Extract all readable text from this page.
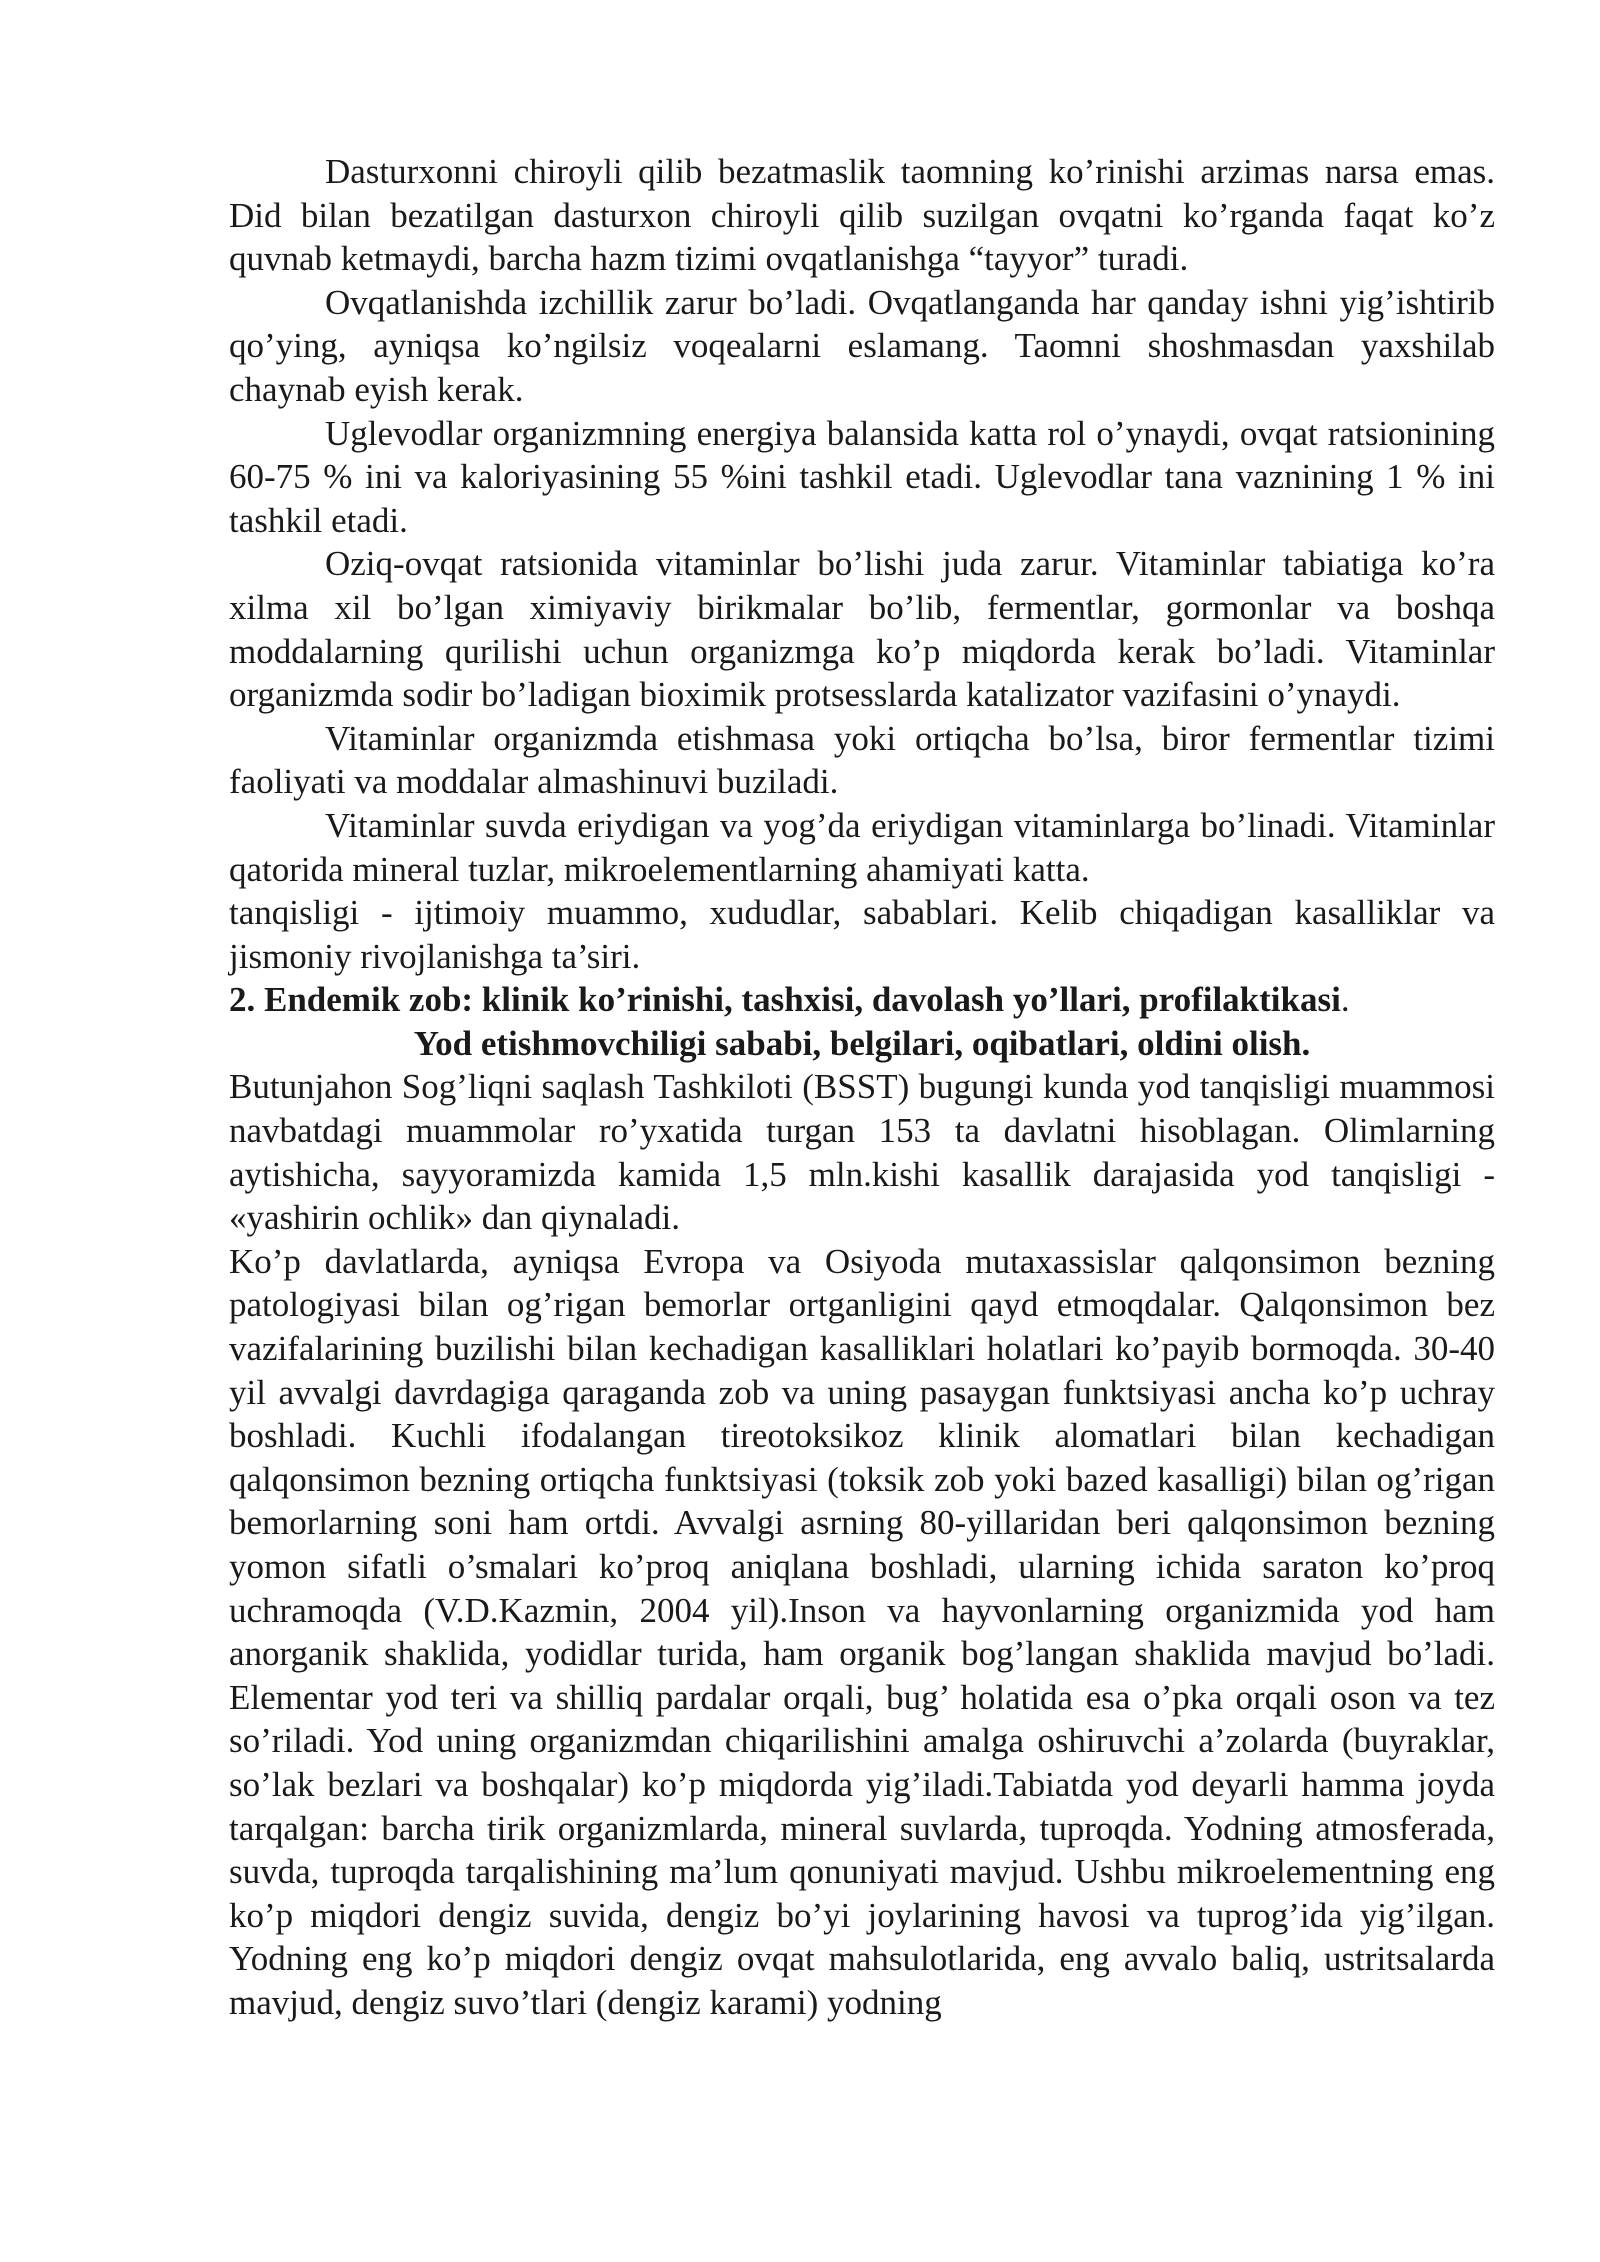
Dasturxonni chiroyli qilib bezatmaslik taomning ko’rinishi arzimas narsa emas. Did bilan bezatilgan dasturxon chiroyli qilib suzilgan ovqatni ko’rganda faqat ko’z quvnab ketmaydi, barcha hazm tizimi ovqatlanishga “tayyor” turadi.

Ovqatlanishda izchillik zarur bo’ladi. Ovqatlanganda har qanday ishni yig’ishtirib qo’ying, ayniqsa ko’ngilsiz voqealarni eslamang. Taomni shoshmasdan yaxshilab chaynab eyish kerak.

Uglevodlar organizmning energiya balansida katta rol o’ynaydi, ovqat ratsionining 60-75 % ini va kaloriyasining 55 %ini tashkil etadi. Uglevodlar tana vaznining 1 % ini tashkil etadi.

Oziq-ovqat ratsionida vitaminlar bo’lishi juda zarur. Vitaminlar tabiatiga ko’ra xilma xil bo’lgan ximiyaviy birikmalar bo’lib, fermentlar, gormonlar va boshqa moddalarning qurilishi uchun organizmga ko’p miqdorda kerak bo’ladi. Vitaminlar organizmda sodir bo’ladigan bioximik protsesslarda katalizator vazifasini o’ynaydi.

Vitaminlar organizmda etishmasa yoki ortiqcha bo’lsa, biror fermentlar tizimi faoliyati va moddalar almashinuvi buziladi.

Vitaminlar suvda eriydigan va yog’da eriydigan vitaminlarga bo’linadi. Vitaminlar qatorida mineral tuzlar, mikroelementlarning ahamiyati katta.

tanqisligi - ijtimoiy muammo, xududlar, sabablari. Kelib chiqadigan kasalliklar va jismoniy rivojlanishga ta’siri.

2. Endemik zob: klinik ko’rinishi, tashxisi, davolash yo’llari, profilaktikasi.

Yod etishmovchiligi sababi, belgilari, oqibatlari, oldini olish.

Butunjahon Sog’liqni saqlash Tashkiloti (BSST) bugungi kunda yod tanqisligi muammosi navbatdagi muammolar ro’yxatida turgan 153 ta davlatni hisoblagan. Olimlarning aytishicha, sayyoramizda kamida 1,5 mln.kishi kasallik darajasida yod tanqisligi - «yashirin ochlik» dan qiynaladi.

Ko’p davlatlarda, ayniqsa Evropa va Osiyoda mutaxassislar qalqonsimon bezning patologiyasi bilan og’rigan bemorlar ortganligini qayd etmoqdalar. Qalqonsimon bez vazifalarining buzilishi bilan kechadigan kasalliklari holatlari ko’payib bormoqda. 30-40 yil avvalgi davrdagiga qaraganda zob va uning pasaygan funktsiyasi ancha ko’p uchray boshladi. Kuchli ifodalangan tireotoksikoz klinik alomatlari bilan kechadigan qalqonsimon bezning ortiqcha funktsiyasi (toksik zob yoki bazed kasalligi) bilan og’rigan bemorlarning soni ham ortdi. Avvalgi asrning 80-yillaridan beri qalqonsimon bezning yomon sifatli o’smalari ko’proq aniqlana boshladi, ularning ichida saraton ko’proq uchramoqda (V.D.Kazmin, 2004 yil).Inson va hayvonlarning organizmida yod ham anorganik shaklida, yodidlar turida, ham organik bog’langan shaklida mavjud bo’ladi. Elementar yod teri va shilliq pardalar orqali, bug’ holatida esa o’pka orqali oson va tez so’riladi. Yod uning organizmdan chiqarilishini amalga oshiruvchi a’zolarda (buyraklar, so’lak bezlari va boshqalar) ko’p miqdorda yig’iladi.Tabiatda yod deyarli hamma joyda tarqalgan: barcha tirik organizmlarda, mineral suvlarda, tuproqda. Yodning atmosferada, suvda, tuproqda tarqalishining ma’lum qonuniyati mavjud. Ushbu mikroelementning eng ko’p miqdori dengiz suvida, dengiz bo’yi joylarining havosi va tuprog’ida yig’ilgan. Yodning eng ko’p miqdori dengiz ovqat mahsulotlarida, eng avvalo baliq, ustritsalarda mavjud, dengiz suvo’tlari (dengiz karami) yodning
